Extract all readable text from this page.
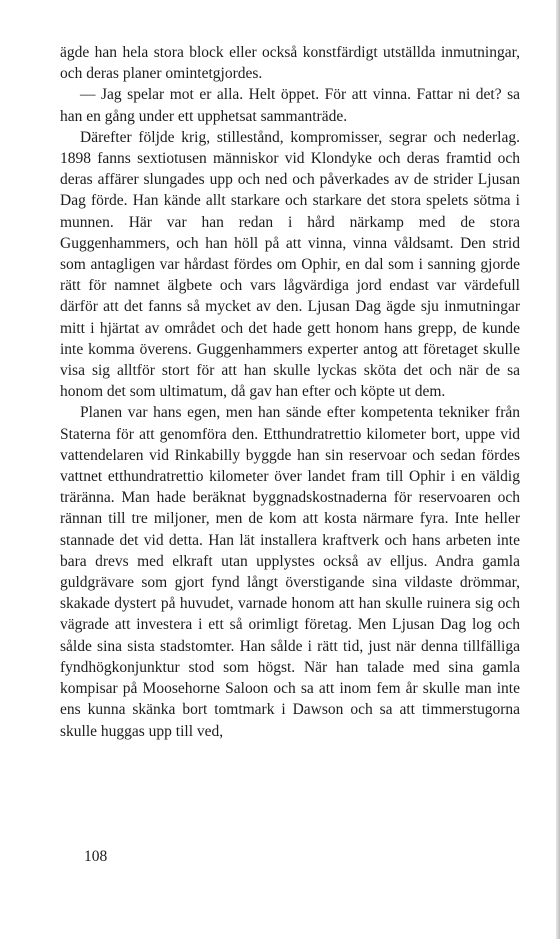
ägde han hela stora block eller också konstfärdigt utställda inmutningar, och deras planer omintetgjordes.

— Jag spelar mot er alla. Helt öppet. För att vinna. Fattar ni det? sa han en gång under ett upphetsat sammanträde.

Därefter följde krig, stillestånd, kompromisser, segrar och nederlag. 1898 fanns sextiotusen människor vid Klondyke och deras framtid och deras affärer slungades upp och ned och påverkades av de strider Ljusan Dag förde. Han kände allt starkare och starkare det stora spelets sötma i munnen. Här var han redan i hård närkamp med de stora Guggenhammers, och han höll på att vinna, vinna våldsamt. Den strid som antagligen var hårdast fördes om Ophir, en dal som i sanning gjorde rätt för namnet älgbete och vars lågvärdiga jord endast var värdefull därför att det fanns så mycket av den. Ljusan Dag ägde sju inmutningar mitt i hjärtat av området och det hade gett honom hans grepp, de kunde inte komma överens. Guggenhammers experter antog att företaget skulle visa sig alltför stort för att han skulle lyckas sköta det och när de sa honom det som ultimatum, då gav han efter och köpte ut dem.

Planen var hans egen, men han sände efter kompetenta tekniker från Staterna för att genomföra den. Etthundratrettio kilometer bort, uppe vid vattendelaren vid Rinkabilly byggde han sin reservoar och sedan fördes vattnet etthundratrettio kilometer över landet fram till Ophir i en väldig träränna. Man hade beräknat byggnadskostnaderna för reservoaren och rännan till tre miljoner, men de kom att kosta närmare fyra. Inte heller stannade det vid detta. Han lät installera kraftverk och hans arbeten inte bara drevs med elkraft utan upplystes också av elljus. Andra gamla guldgrävare som gjort fynd långt överstigande sina vildaste drömmar, skakade dystert på huvudet, varnade honom att han skulle ruinera sig och vägrade att investera i ett så orimligt företag. Men Ljusan Dag log och sålde sina sista stadstomter. Han sålde i rätt tid, just när denna tillfälliga fyndhögkonjunktur stod som högst. När han talade med sina gamla kompisar på Moosehorne Saloon och sa att inom fem år skulle man inte ens kunna skänka bort tomtmark i Dawson och sa att timmerstugorna skulle huggas upp till ved,

108
